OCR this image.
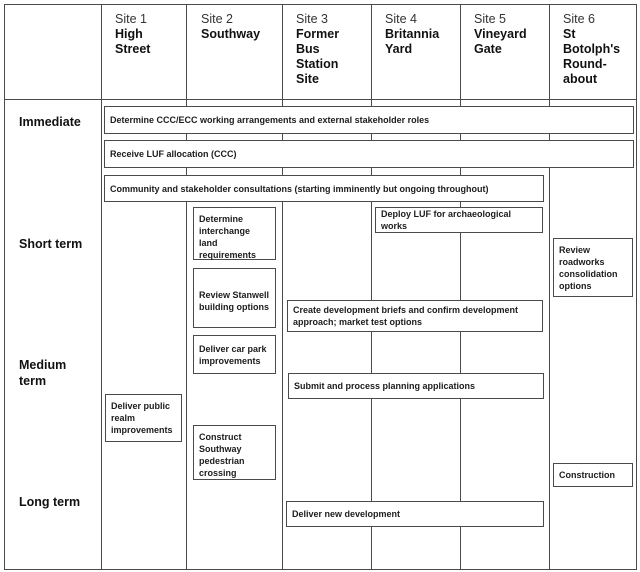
Site 1
High Street
Site 2
Southway
Site 3
Former Bus Station Site
Site 4
Britannia Yard
Site 5
Vineyard Gate
Site 6
St Botolph's Round-about
Immediate
Short term
Medium term
Long term
Determine CCC/ECC working arrangements and external stakeholder roles
Receive LUF allocation (CCC)
Community and stakeholder consultations (starting imminently but ongoing throughout)
Determine interchange land requirements
Deploy LUF for archaeological works
Review roadworks consolidation options
Review Stanwell building options	Create development briefs and confirm development approach; market test options
Deliver car park improvements
Submit and process planning applications
Deliver public realm improvements
Construct Southway pedestrian crossing	Construction
Deliver new development
